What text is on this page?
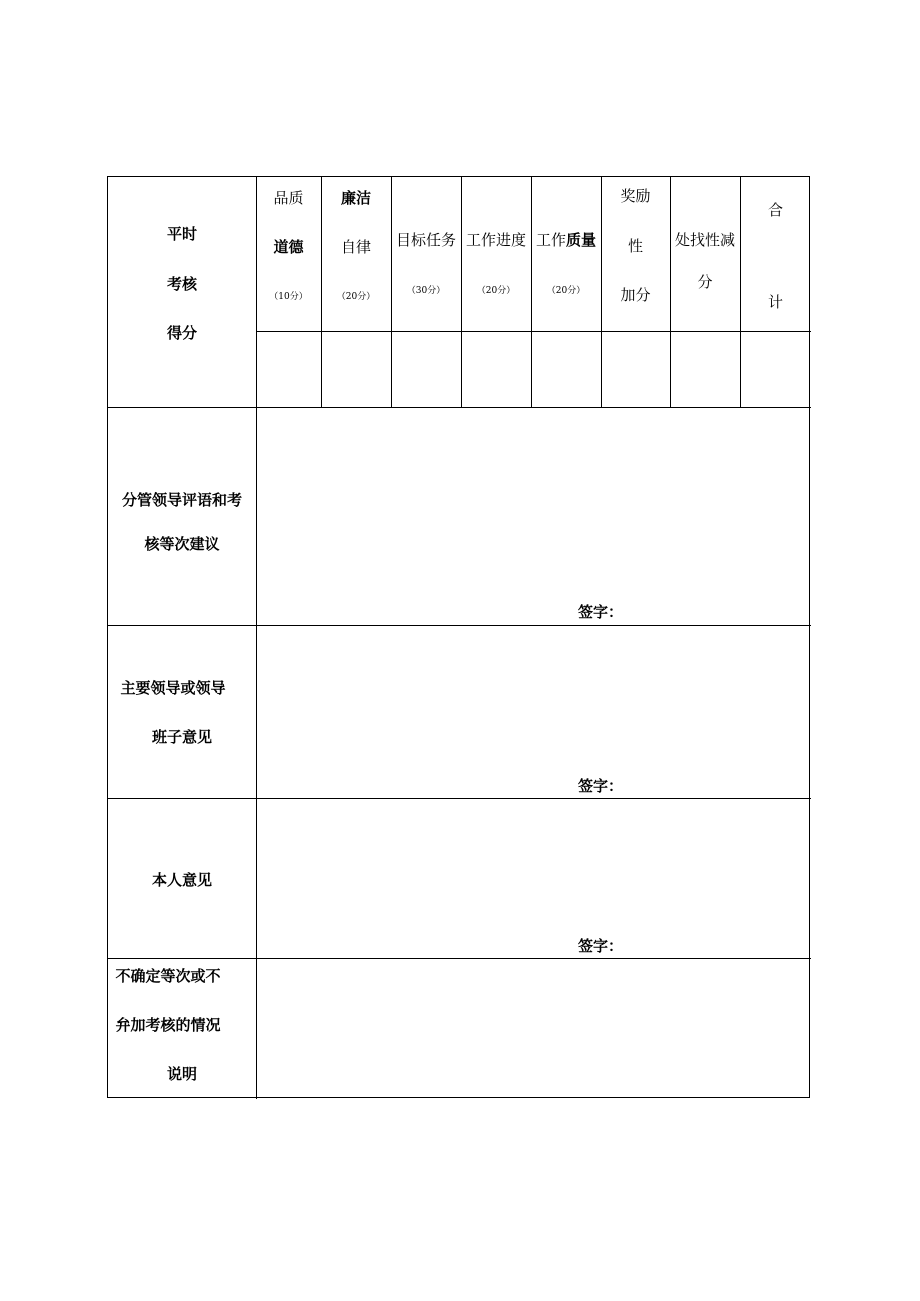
平时
考核
得分
品质
道德
（10分）
廉洁
自律
（20分）
目标任务
（30分）
工作进度
（20分）
工作质量
（20分）
奖励
性
加分
处找性减
分
合
计
分管领导评语和考
核等次建议
签字：
主要领导或领导
班子意见
签字：
本人意见
签字：
不确定等次或不
弁加考核的情况
说明
